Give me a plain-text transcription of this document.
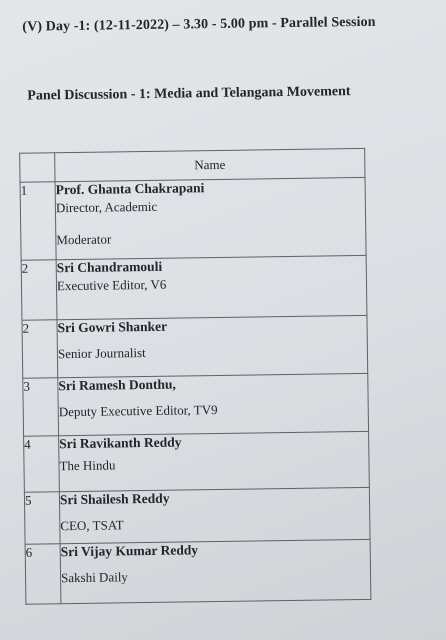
(V) Day -1: (12-11-2022) – 3.30 - 5.00 pm - Parallel Session
Panel Discussion - 1: Media and Telangana Movement
	Name
1	Prof. Ghanta Chakrapani
Director, Academic
Moderator

2	Sri Chandramouli
Executive Editor, V6

2	Sri Gowri Shanker
Senior Journalist

3	Sri Ramesh Donthu,
Deputy Executive Editor, TV9

4	Sri Ravikanth Reddy
The Hindu

5	Sri Shailesh Reddy
CEO, TSAT

6	Sri Vijay Kumar Reddy
Sakshi Daily
